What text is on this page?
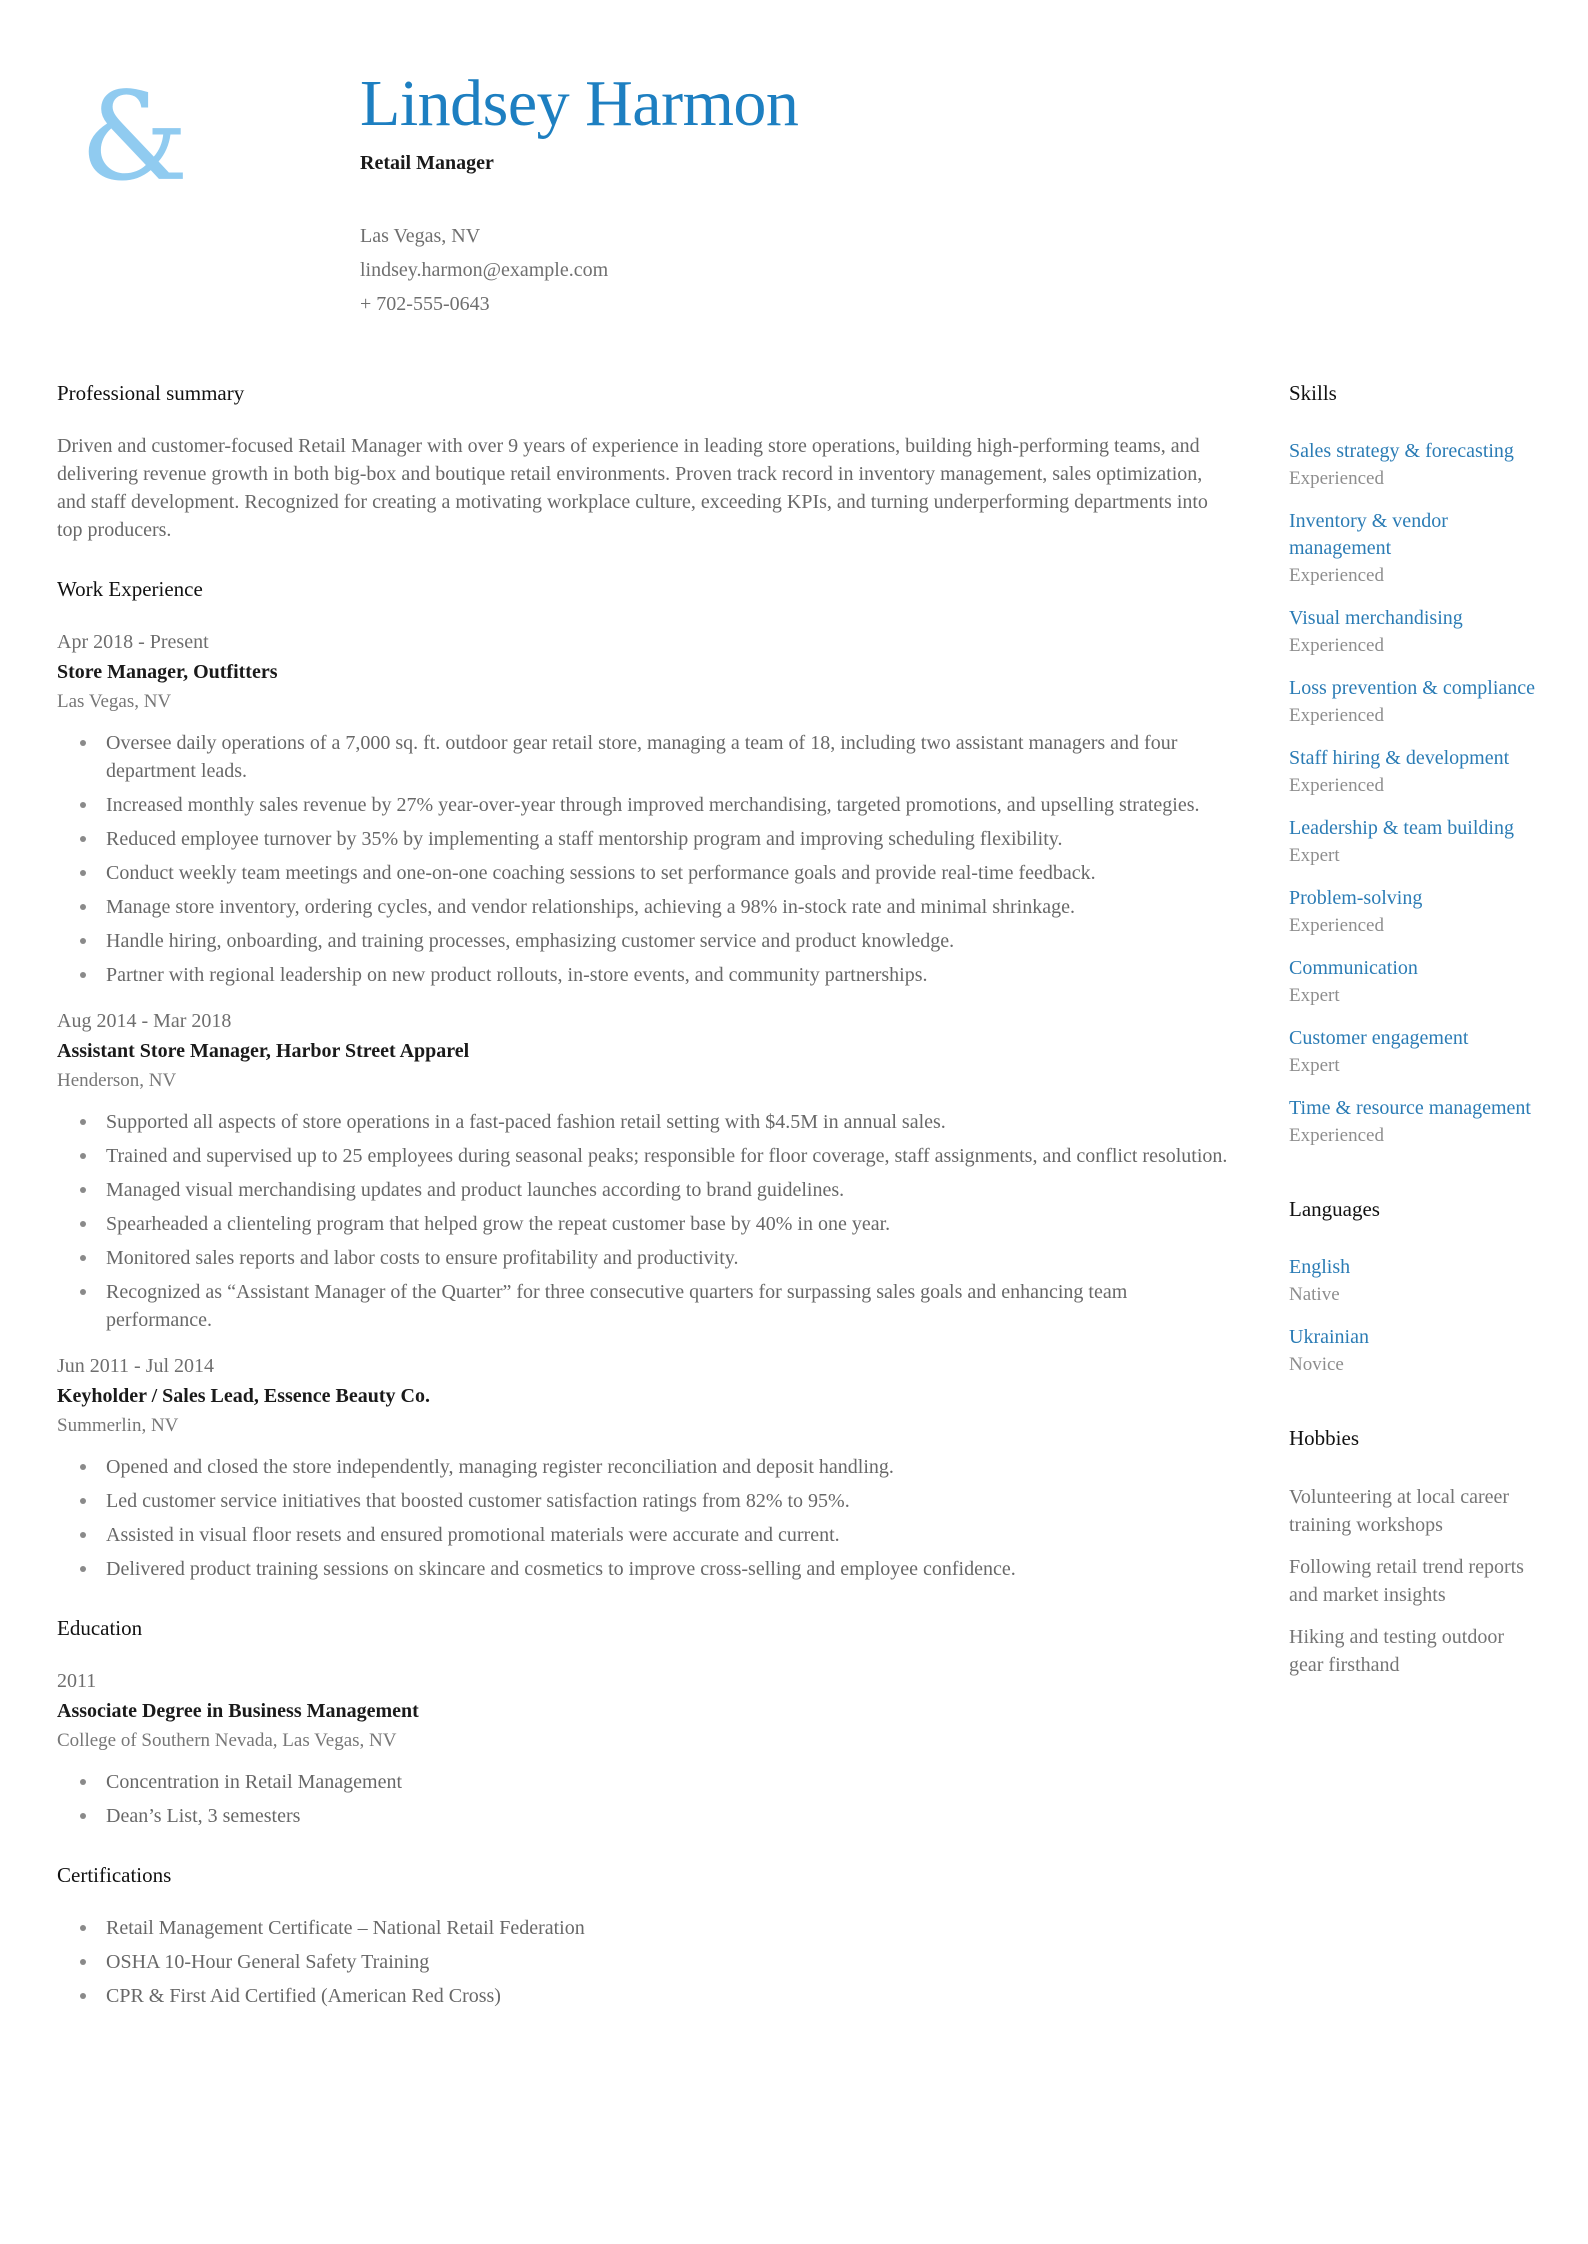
&	Lindsey Harmon
Retail Manager
Las Vegas, NV
lindsey.harmon@example.com
+ 702-555-0643
Professional summary

Driven and customer-focused Retail Manager with over 9 years of experience in leading store operations, building high-performing teams, and delivering revenue growth in both big-box and boutique retail environments. Proven track record in inventory management, sales optimization, and staff development. Recognized for creating a motivating workplace culture, exceeding KPIs, and turning underperforming departments into top producers.

Work Experience
Apr 2018 - Present
Store Manager, Outfitters
Las Vegas, NV
Oversee daily operations of a 7,000 sq. ft. outdoor gear retail store, managing a team of 18, including two assistant managers and four department leads.
Increased monthly sales revenue by 27% year-over-year through improved merchandising, targeted promotions, and upselling strategies.
Reduced employee turnover by 35% by implementing a staff mentorship program and improving scheduling flexibility.
Conduct weekly team meetings and one-on-one coaching sessions to set performance goals and provide real-time feedback.
Manage store inventory, ordering cycles, and vendor relationships, achieving a 98% in-stock rate and minimal shrinkage.
Handle hiring, onboarding, and training processes, emphasizing customer service and product knowledge.
Partner with regional leadership on new product rollouts, in-store events, and community partnerships.
Aug 2014 - Mar 2018
Assistant Store Manager, Harbor Street Apparel
Henderson, NV
Supported all aspects of store operations in a fast-paced fashion retail setting with $4.5M in annual sales.
Trained and supervised up to 25 employees during seasonal peaks; responsible for floor coverage, staff assignments, and conflict resolution.
Managed visual merchandising updates and product launches according to brand guidelines.
Spearheaded a clienteling program that helped grow the repeat customer base by 40% in one year.
Monitored sales reports and labor costs to ensure profitability and productivity.
Recognized as “Assistant Manager of the Quarter” for three consecutive quarters for surpassing sales goals and enhancing team performance.
Jun 2011 - Jul 2014
Keyholder / Sales Lead, Essence Beauty Co.
Summerlin, NV
Opened and closed the store independently, managing register reconciliation and deposit handling.
Led customer service initiatives that boosted customer satisfaction ratings from 82% to 95%.
Assisted in visual floor resets and ensured promotional materials were accurate and current.
Delivered product training sessions on skincare and cosmetics to improve cross-selling and employee confidence.
Education
2011
Associate Degree in Business Management
College of Southern Nevada, Las Vegas, NV
Concentration in Retail Management
Dean’s List, 3 semesters
Certifications
Retail Management Certificate – National Retail Federation
OSHA 10-Hour General Safety Training
CPR & First Aid Certified (American Red Cross)
Skills
Sales strategy & forecasting
Experienced
Inventory & vendor management
Experienced
Visual merchandising
Experienced
Loss prevention & compliance
Experienced
Staff hiring & development
Experienced
Leadership & team building
Expert
Problem-solving
Experienced
Communication
Expert
Customer engagement
Expert
Time & resource management
Experienced
Languages
English
Native
Ukrainian
Novice
Hobbies
Volunteering at local career training workshops
Following retail trend reports and market insights
Hiking and testing outdoor gear firsthand
